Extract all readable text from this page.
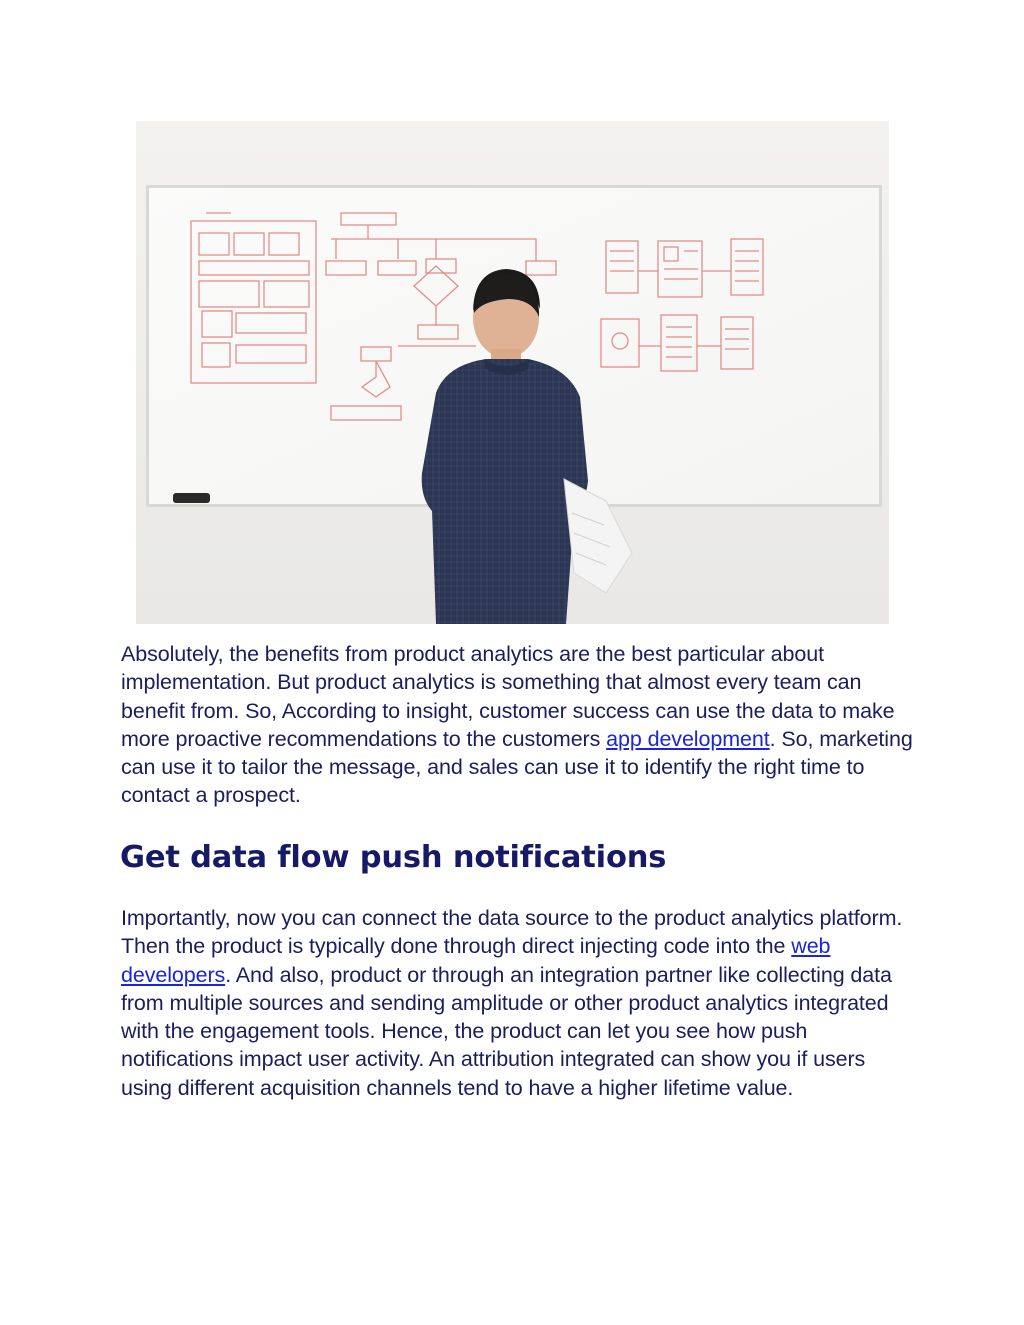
Absolutely, the benefits from product analytics are the best particular about implementation. But product analytics is something that almost every team can benefit from. So, According to insight, customer success can use the data to make more proactive recommendations to the customers app development. So, marketing can use it to tailor the message, and sales can use it to identify the right time to contact a prospect.

Get data flow push notifications

Importantly, now you can connect the data source to the product analytics platform. Then the product is typically done through direct injecting code into the web developers. And also, product or through an integration partner like collecting data from multiple sources and sending amplitude or other product analytics integrated with the engagement tools. Hence, the product can let you see how push notifications impact user activity. An attribution integrated can show you if users using different acquisition channels tend to have a higher lifetime value.
